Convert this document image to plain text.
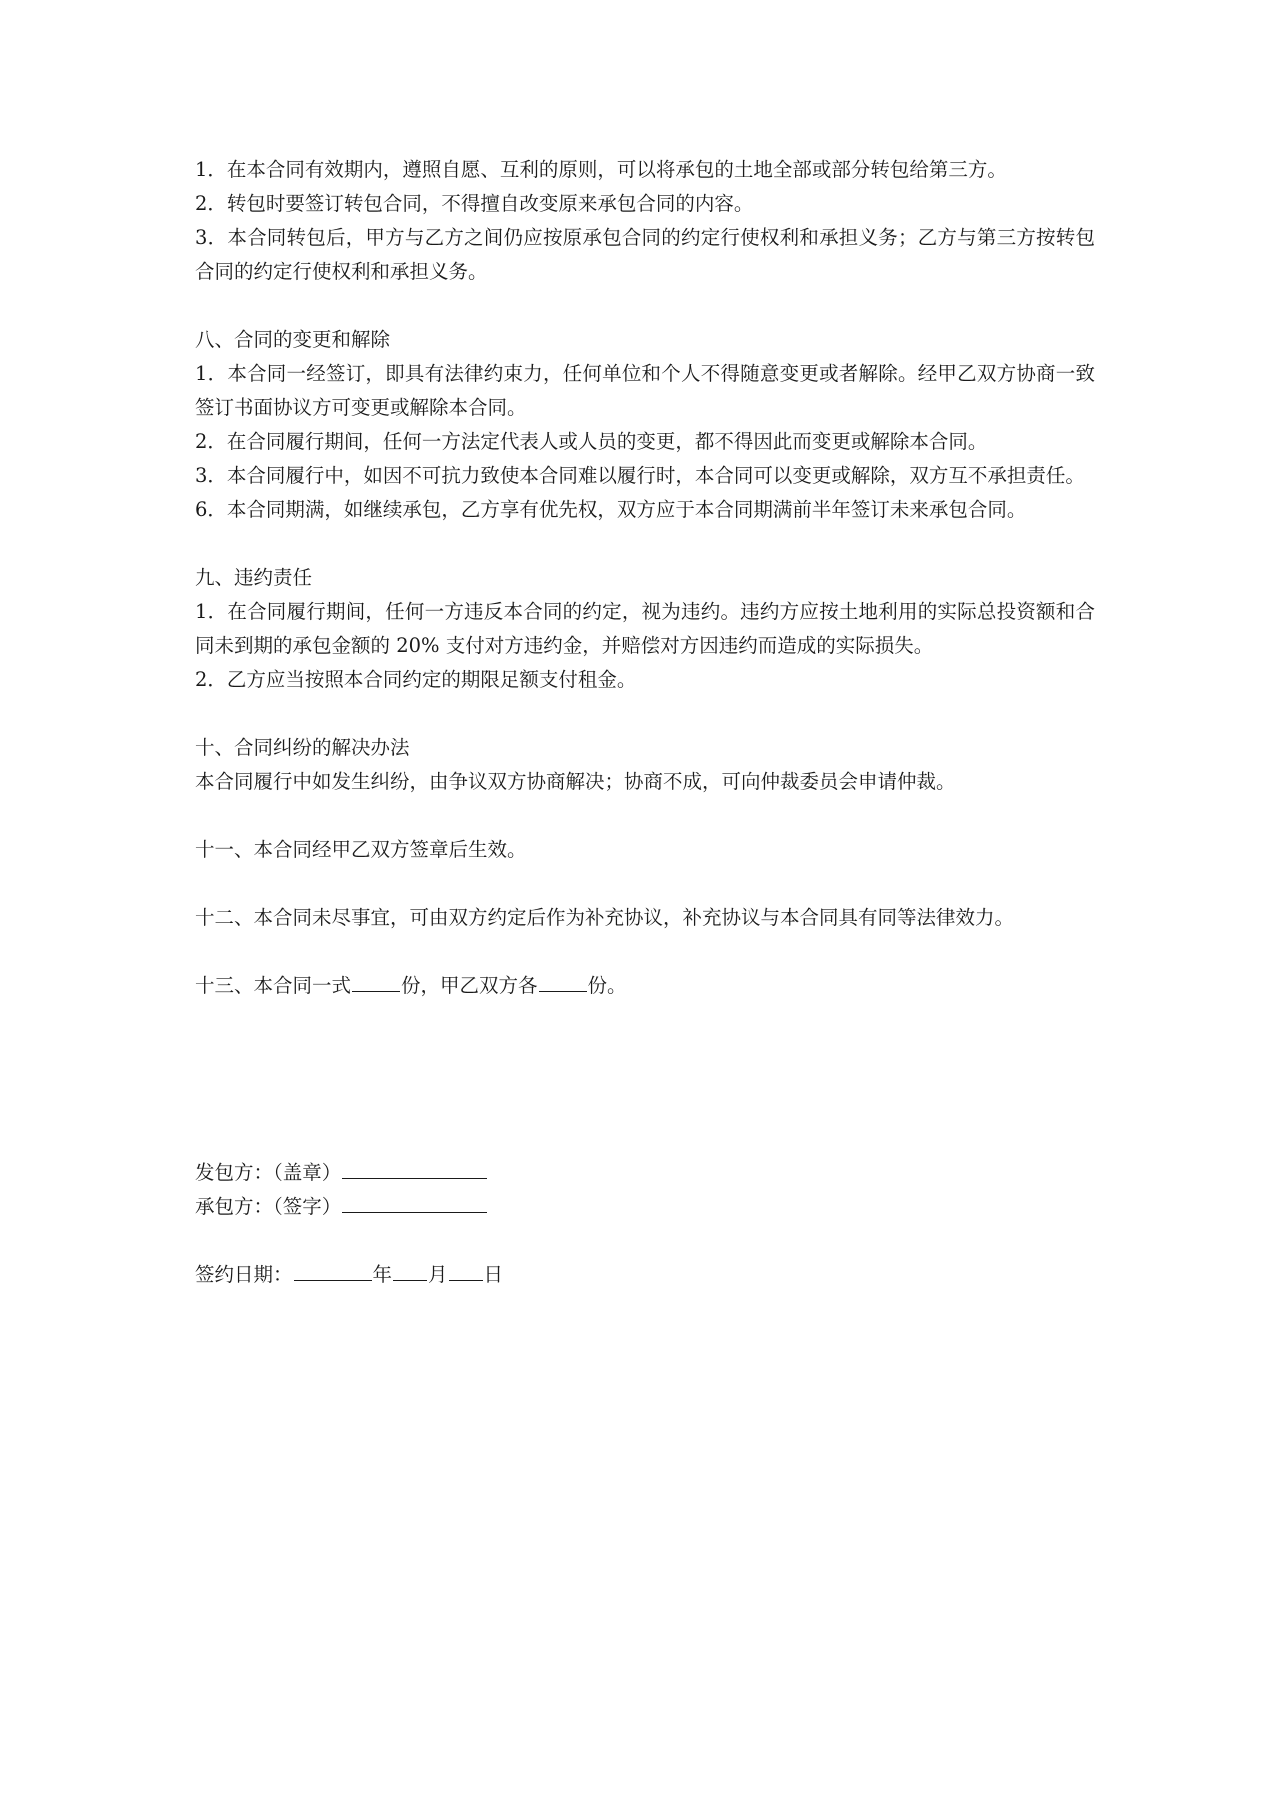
1．在本合同有效期内，遵照自愿、互利的原则，可以将承包的土地全部或部分转包给第三方。

2．转包时要签订转包合同，不得擅自改变原来承包合同的内容。

3．本合同转包后，甲方与乙方之间仍应按原承包合同的约定行使权利和承担义务；乙方与第三方按转包合同的约定行使权利和承担义务。

八、合同的变更和解除

1．本合同一经签订，即具有法律约束力，任何单位和个人不得随意变更或者解除。经甲乙双方协商一致签订书面协议方可变更或解除本合同。

2．在合同履行期间，任何一方法定代表人或人员的变更，都不得因此而变更或解除本合同。

3．本合同履行中，如因不可抗力致使本合同难以履行时，本合同可以变更或解除，双方互不承担责任。

6．本合同期满，如继续承包，乙方享有优先权，双方应于本合同期满前半年签订未来承包合同。

九、违约责任

1．在合同履行期间，任何一方违反本合同的约定，视为违约。违约方应按土地利用的实际总投资额和合同未到期的承包金额的 20% 支付对方违约金，并赔偿对方因违约而造成的实际损失。

2．乙方应当按照本合同约定的期限足额支付租金。

十、合同纠纷的解决办法

本合同履行中如发生纠纷，由争议双方协商解决；协商不成，可向仲裁委员会申请仲裁。

十一、本合同经甲乙双方签章后生效。

十二、本合同未尽事宜，可由双方约定后作为补充协议，补充协议与本合同具有同等法律效力。

十三、本合同一式	份，甲乙双方各	份。

发包方：（盖章）

承包方：（签字）

签约日期：	年 月 日
